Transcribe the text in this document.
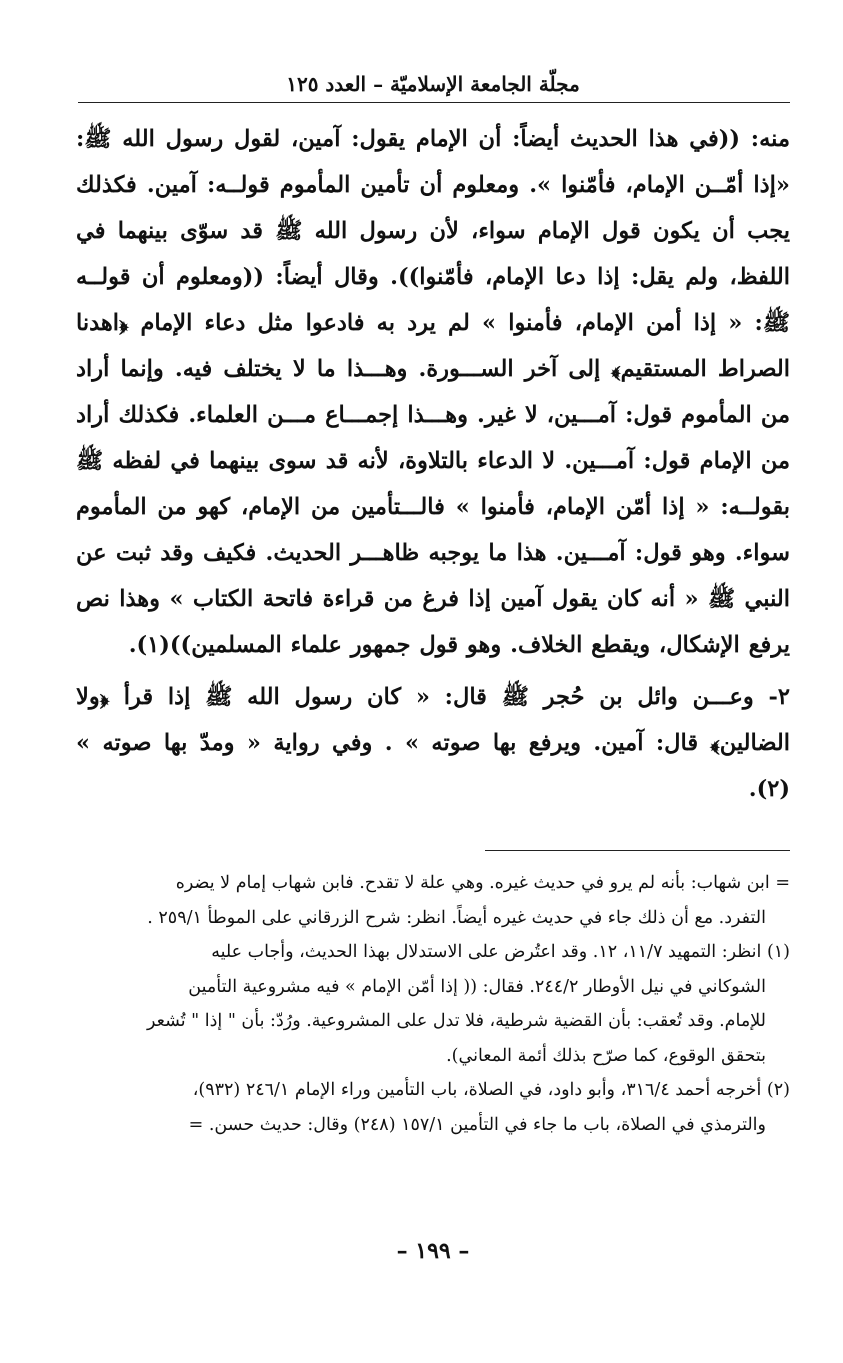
مجلّة الجامعة الإسلاميّة – العدد ١٢٥

منه: ((في هذا الحديث أيضاً: أن الإمام يقول: آمين، لقول رسول الله ﷺ: «إذا أمّــن الإمام، فأمّنوا ». ومعلوم أن تأمين المأموم قولــه: آمين. فكذلك يجب أن يكون قول الإمام سواء، لأن رسول الله ﷺ قد سوّى بينهما في اللفظ، ولم يقل: إذا دعا الإمام، فأمّنوا)). وقال أيضاً: ((ومعلوم أن قولــه ﷺ: « إذا أمن الإمام، فأمنوا » لم يرد به فادعوا مثل دعاء الإمام ﴿اهدنا الصراط المستقيم﴾ إلى آخر الســـورة. وهـــذا ما لا يختلف فيه. وإنما أراد من المأموم قول: آمـــين، لا غير. وهـــذا إجمـــاع مـــن العلماء. فكذلك أراد من الإمام قول: آمـــين. لا الدعاء بالتلاوة، لأنه قد سوى بينهما في لفظه ﷺ بقولــه: « إذا أمّن الإمام، فأمنوا » فالـــتأمين من الإمام، كهو من المأموم سواء. وهو قول: آمـــين. هذا ما يوجبه ظاهـــر الحديث. فكيف وقد ثبت عن النبي ﷺ « أنه كان يقول آمين إذا فرغ من قراءة فاتحة الكتاب » وهذا نص يرفع الإشكال، ويقطع الخلاف. وهو قول جمهور علماء المسلمين))(١).

٢- وعـــن وائل بن حُجر ﷺ قال: « كان رسول الله ﷺ إذا قرأ ﴿ولا الضالين﴾ قال: آمين. ويرفع بها صوته » . وفي رواية « ومدّ بها صوته » (٢).

= ابن شهاب: بأنه لم يرو في حديث غيره. وهي علة لا تقدح. فابن شهاب إمام لا يضره

التفرد. مع أن ذلك جاء في حديث غيره أيضاً. انظر: شرح الزرقاني على الموطأ ٢٥٩/١ .

(١) انظر: التمهيد ١١/٧، ١٢. وقد اعتُرض على الاستدلال بهذا الحديث، وأجاب عليه

الشوكاني في نيل الأوطار ٢٤٤/٢. فقال: (( إذا أمّن الإمام » فيه مشروعية التأمين

للإمام. وقد تُعقب: بأن القضية شرطية، فلا تدل على المشروعية. ورُدّ: بأن " إذا " تُشعر

بتحقق الوقوع، كما صرّح بذلك أئمة المعاني).

(٢) أخرجه أحمد ٣١٦/٤، وأبو داود، في الصلاة، باب التأمين وراء الإمام ٢٤٦/١ (٩٣٢)،

والترمذي في الصلاة، باب ما جاء في التأمين ١٥٧/١ (٢٤٨) وقال: حديث حسن. =

– ١٩٩ –
